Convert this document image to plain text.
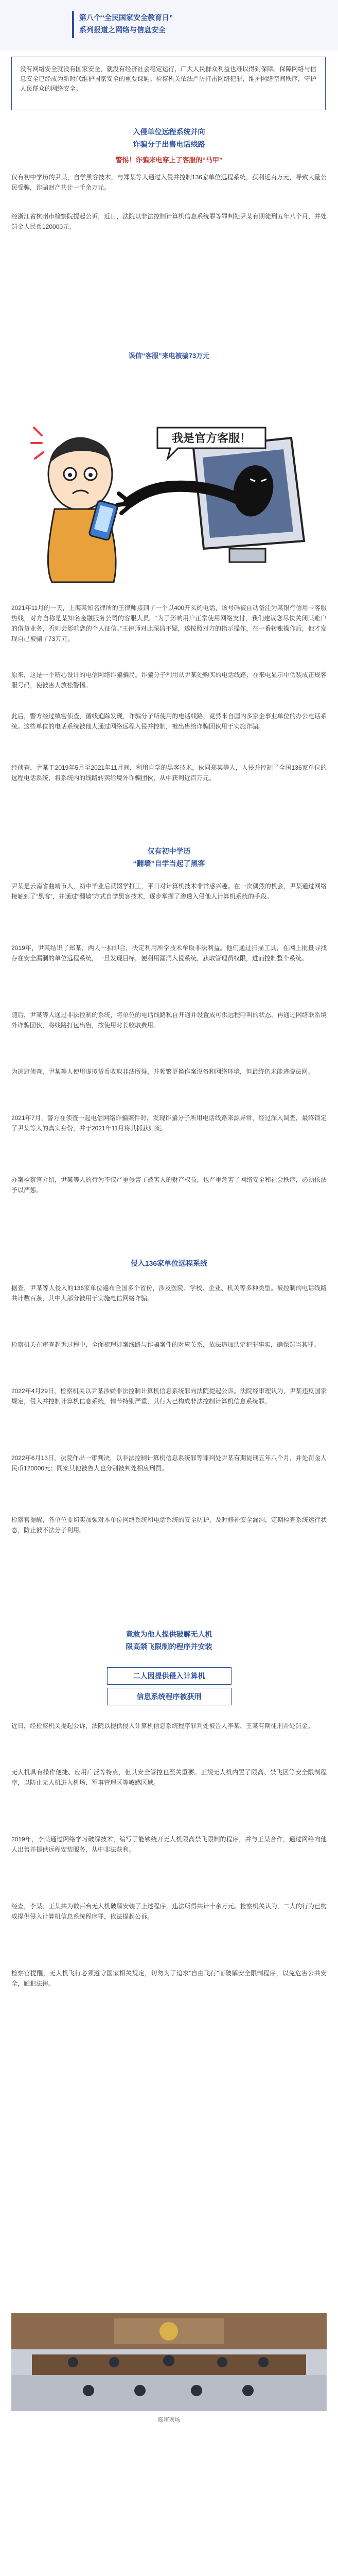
第八个“全民国家安全教育日”
系列报道之网络与信息安全
没有网络安全就没有国家安全，就没有经济社会稳定运行，广大人民群众利益也难以得到保障。保障网络与信息安全已经成为新时代维护国家安全的重要课题。检察机关依法严厉打击网络犯罪，维护网络空间秩序，守护人民群众的网络安全。
入侵单位远程系统并向
诈骗分子出售电话线路
警惕！诈骗来电穿上了客服的“马甲”
仅有初中学历的尹某，自学黑客技术，与郑某等人通过入侵并控制136家单位远程系统，获利近百万元，导致大量公民受骗，诈骗财产共计一千余万元。
经浙江省杭州市检察院提起公诉，近日，法院以非法控制计算机信息系统罪等罪判处尹某有期徒刑五年八个月，并处罚金人民币120000元。
误信“客服”来电被骗73万元
我是官方客服！
2021年11月的一天，上海某知名律所的王律师接到了一个以400开头的电话，该号码被自动备注为某银行信用卡客服热线，对方自称是某知名金融服务公司的客服人员。“为了影响用户正常使用网络支付，我们建议您尽快关闭某账户的借贷业务，否则会影响您的个人征信。”王律师对此深信不疑，遂按照对方的指示操作，在一番转账操作后，他才发现自己被骗了73万元。
原来，这是一个精心设计的电信网络诈骗骗局。诈骗分子利用从尹某处购买的电话线路，在来电显示中伪装成正规客服号码，使被害人放松警惕。
此后，警方经过缜密侦查，循线追踪发现，诈骗分子所使用的电话线路，竟然来自国内多家企事业单位的办公电话系统。这些单位的电话系统被他人通过网络远程入侵并控制，被出售给诈骗团伙用于实施诈骗。
经侦查，尹某于2019年5月至2021年11月间，利用自学的黑客技术，伙同郑某等人，入侵并控制了全国136家单位的远程电话系统，将系统内的线路转卖给境外诈骗团伙，从中获利近百万元。
仅有初中学历
“翻墙”自学当起了黑客
尹某是云南省曲靖市人，初中毕业后就辍学打工，平日对计算机技术非常感兴趣。在一次偶然的机会，尹某通过网络接触到了“黑客”，并通过“翻墙”方式自学黑客技术，逐步掌握了渗透入侵他人计算机系统的手段。
2019年，尹某结识了郑某，两人一拍即合，决定利用所学技术牟取非法利益。他们通过扫描工具，在网上批量寻找存在安全漏洞的单位远程系统，一旦发现目标，便利用漏洞入侵系统，获取管理员权限，进而控制整个系统。
随后，尹某等人通过非法控制的系统，将单位的电话线路私自开通并设置成可供远程呼叫的状态，再通过网络联系境外诈骗团伙，将线路打包出售，按使用时长收取费用。
为逃避侦查，尹某等人使用虚拟货币收取非法所得，并频繁更换作案设备和网络环境，但最终仍未能逃脱法网。
2021年7月，警方在侦查一起电信网络诈骗案件时，发现诈骗分子所用电话线路来源异常，经过深入调查，最终锁定了尹某等人的真实身份，并于2021年11月将其抓获归案。
办案检察官介绍，尹某等人的行为不仅严重侵害了被害人的财产权益，也严重危害了网络安全和社会秩序，必须依法予以严惩。
侵入136家单位远程系统
据查，尹某等人侵入的136家单位遍布全国多个省份，涉及医院、学校、企业、机关等多种类型。被控制的电话线路共计数百条，其中大部分被用于实施电信网络诈骗。
检察机关在审查起诉过程中，全面梳理涉案线路与诈骗案件的对应关系，依法追加认定犯罪事实，确保罚当其罪。
2022年4月29日，检察机关以尹某涉嫌非法控制计算机信息系统罪向法院提起公诉。法院经审理认为，尹某违反国家规定，侵入并控制计算机信息系统，情节特别严重，其行为已构成非法控制计算机信息系统罪。
2022年6月13日，法院作出一审判决，以非法控制计算机信息系统罪等罪判处尹某有期徒刑五年八个月，并处罚金人民币120000元；同案其他被告人也分别被判处相应刑罚。
检察官提醒，各单位要切实加强对本单位网络系统和电话系统的安全防护，及时修补安全漏洞，定期检查系统运行状态，防止被不法分子利用。
竟敢为他人提供破解无人机
限高禁飞限制的程序并安装
二人因提供侵入计算机
信息系统程序被获刑
近日，经检察机关提起公诉，法院以提供侵入计算机信息系统程序罪判处被告人李某、王某有期徒刑并处罚金。
无人机具有操作便捷、应用广泛等特点，但其安全管控也至关重要。正规无人机内置了限高、禁飞区等安全限制程序，以防止无人机进入机场、军事管理区等敏感区域。
2019年，李某通过网络学习破解技术，编写了能够绕开无人机限高禁飞限制的程序，并与王某合作，通过网络向他人出售并提供远程安装服务，从中非法获利。
经查，李某、王某共为数百台无人机破解安装了上述程序，违法所得共计十余万元。检察机关认为，二人的行为已构成提供侵入计算机信息系统程序罪，依法提起公诉。
检察官提醒，无人机飞行必须遵守国家相关规定，切勿为了追求“自由飞行”而破解安全限制程序，以免危害公共安全，触犯法律。
庭审现场
